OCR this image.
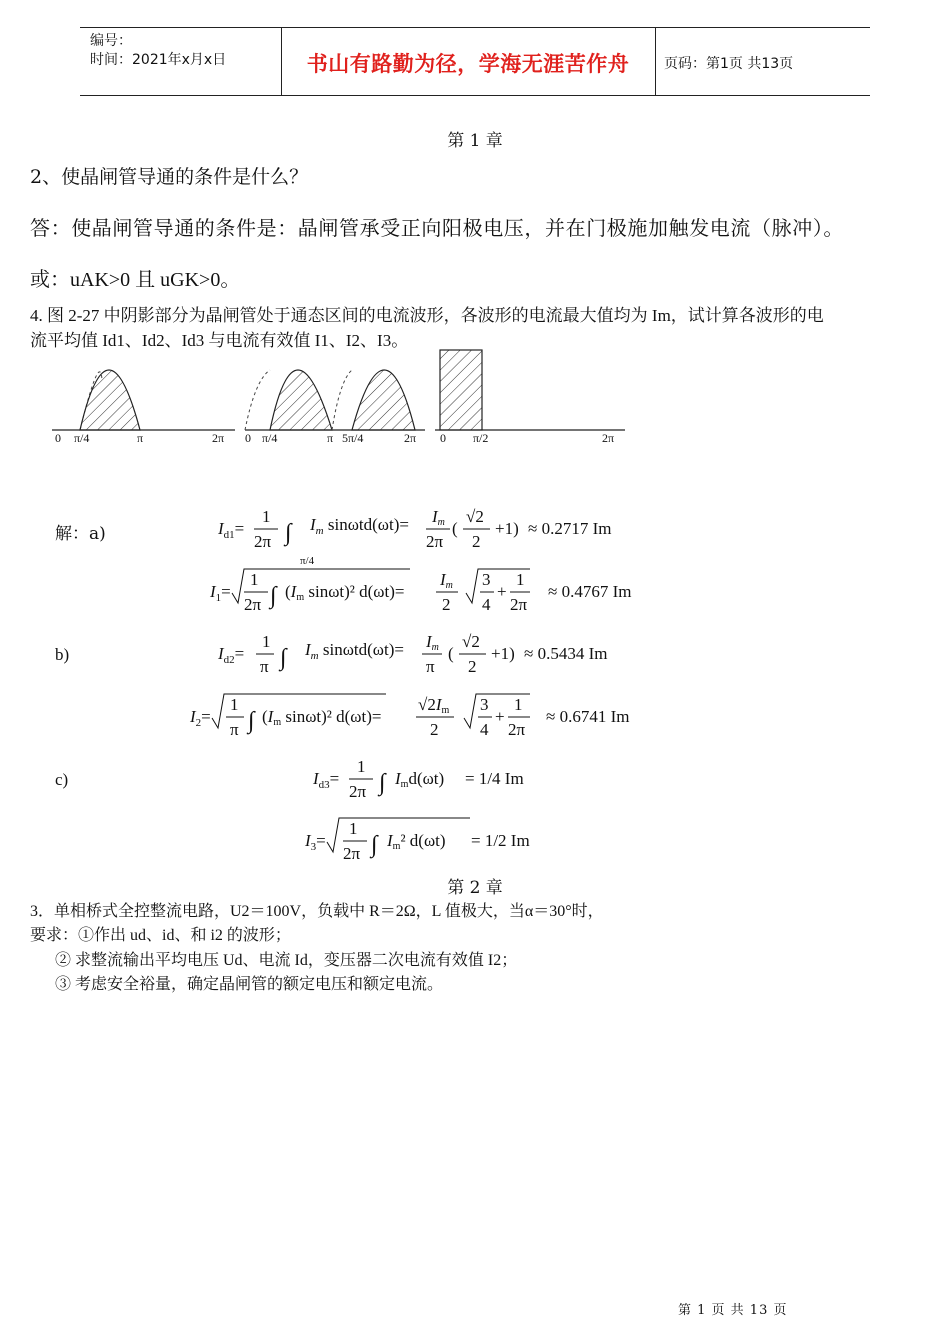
编号：
时间：2021年x月x日	书山有路勤为径，学海无涯苦作舟	页码：第1页 共13页
第 1 章
2、使晶闸管导通的条件是什么？
答：使晶闸管导通的条件是：晶闸管承受正向阳极电压，并在门极施加触发电流（脉冲）。
或：uAK>0 且 uGK>0。
4. 图 2-27 中阴影部分为晶闸管处于通态区间的电流波形，各波形的电流最大值均为 Im，试计算各波形的电
流平均值 Id1、Id2、Id3 与电流有效值 I1、I2、I3。
0 π/4	π	2π 0 π/4	π 5π/4	2π 0 π/2	2π
解：a)
b)
c)
$I_{d1}=$
1
2π ∫
π/4
$I_m$ sinωtd(ωt)= Im
2π
(
√2
2
+1) ≈ 0.2717 Im
$I_1=$
1
2π ∫ (Im sinωt)² d(ωt)=
Im
2
3
4
+
1
2π
≈ 0.4767 Im
$I_{d2}=$
1
π ∫ $I_m$ sinωtd(ωt)= Im
π
(
√2
2
+1) ≈ 0.5434 Im
$I_2=$
1
π ∫ (Im sinωt)² d(ωt)=
√2Im
2
3
4
+
1
2π
≈ 0.6741 Im
$I_{d3}=$
1
2π ∫ Imd(ωt) = 1/4 Im
$I_3=$
1
2π ∫ Im² d(ωt) = 1/2 Im
第 2 章
3．单相桥式全控整流电路，U2＝100V，负载中 R＝2Ω，L 值极大，当α＝30°时，
要求：①作出 ud、id、和 i2 的波形；
② 求整流输出平均电压 Ud、电流 Id，变压器二次电流有效值 I2；
③ 考虑安全裕量，确定晶闸管的额定电压和额定电流。
第 1 页 共 13 页
